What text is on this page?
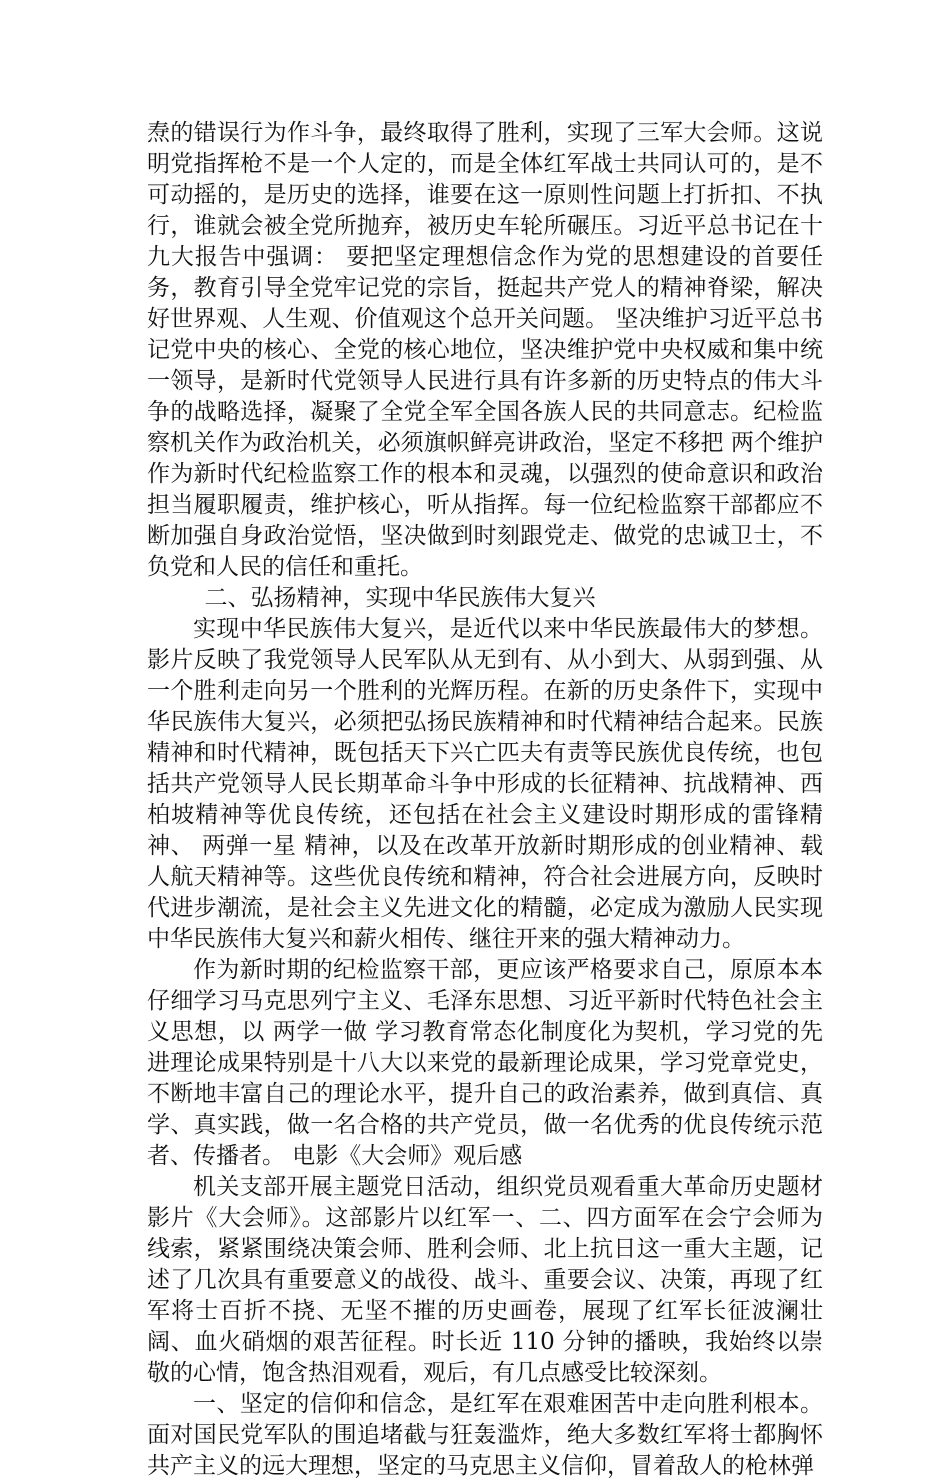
焘的错误行为作斗争，最终取得了胜利，实现了三军大会师。这说明党指挥枪不是一个人定的，而是全体红军战士共同认可的，是不可动摇的，是历史的选择，谁要在这一原则性问题上打折扣、不执行，谁就会被全党所抛弃，被历史车轮所碾压。习近平总书记在十九大报告中强调： 要把坚定理想信念作为党的思想建设的首要任务，教育引导全党牢记党的宗旨，挺起共产党人的精神脊梁，解决好世界观、人生观、价值观这个总开关问题。 坚决维护习近平总书记党中央的核心、全党的核心地位，坚决维护党中央权威和集中统一领导，是新时代党领导人民进行具有许多新的历史特点的伟大斗争的战略选择，凝聚了全党全军全国各族人民的共同意志。纪检监察机关作为政治机关，必须旗帜鲜亮讲政治，坚定不移把 两个维护 作为新时代纪检监察工作的根本和灵魂，以强烈的使命意识和政治担当履职履责，维护核心，听从指挥。每一位纪检监察干部都应不断加强自身政治觉悟，坚决做到时刻跟党走、做党的忠诚卫士，不负党和人民的信任和重托。

二、弘扬精神，实现中华民族伟大复兴

实现中华民族伟大复兴，是近代以来中华民族最伟大的梦想。影片反映了我党领导人民军队从无到有、从小到大、从弱到强、从一个胜利走向另一个胜利的光辉历程。在新的历史条件下，实现中华民族伟大复兴，必须把弘扬民族精神和时代精神结合起来。民族精神和时代精神，既包括天下兴亡匹夫有责等民族优良传统，也包括共产党领导人民长期革命斗争中形成的长征精神、抗战精神、西柏坡精神等优良传统，还包括在社会主义建设时期形成的雷锋精神、 两弹一星 精神，以及在改革开放新时期形成的创业精神、载人航天精神等。这些优良传统和精神，符合社会进展方向，反映时代进步潮流，是社会主义先进文化的精髓，必定成为激励人民实现中华民族伟大复兴和薪火相传、继往开来的强大精神动力。

作为新时期的纪检监察干部，更应该严格要求自己，原原本本仔细学习马克思列宁主义、毛泽东思想、习近平新时代特色社会主义思想，以 两学一做 学习教育常态化制度化为契机，学习党的先进理论成果特别是十八大以来党的最新理论成果，学习党章党史，不断地丰富自己的理论水平，提升自己的政治素养，做到真信、真学、真实践，做一名合格的共产党员，做一名优秀的优良传统示范者、传播者。 电影《大会师》观后感

机关支部开展主题党日活动，组织党员观看重大革命历史题材影片《大会师》。这部影片以红军一、二、四方面军在会宁会师为线索，紧紧围绕决策会师、胜利会师、北上抗日这一重大主题，记述了几次具有重要意义的战役、战斗、重要会议、决策，再现了红军将士百折不挠、无坚不摧的历史画卷，展现了红军长征波澜壮阔、血火硝烟的艰苦征程。时长近 110 分钟的播映，我始终以崇敬的心情，饱含热泪观看，观后，有几点感受比较深刻。

一、坚定的信仰和信念，是红军在艰难困苦中走向胜利根本。面对国民党军队的围追堵截与狂轰滥炸，绝大多数红军将士都胸怀共产主义的远大理想，坚定的马克思主义信仰，冒着敌人的枪林弹
